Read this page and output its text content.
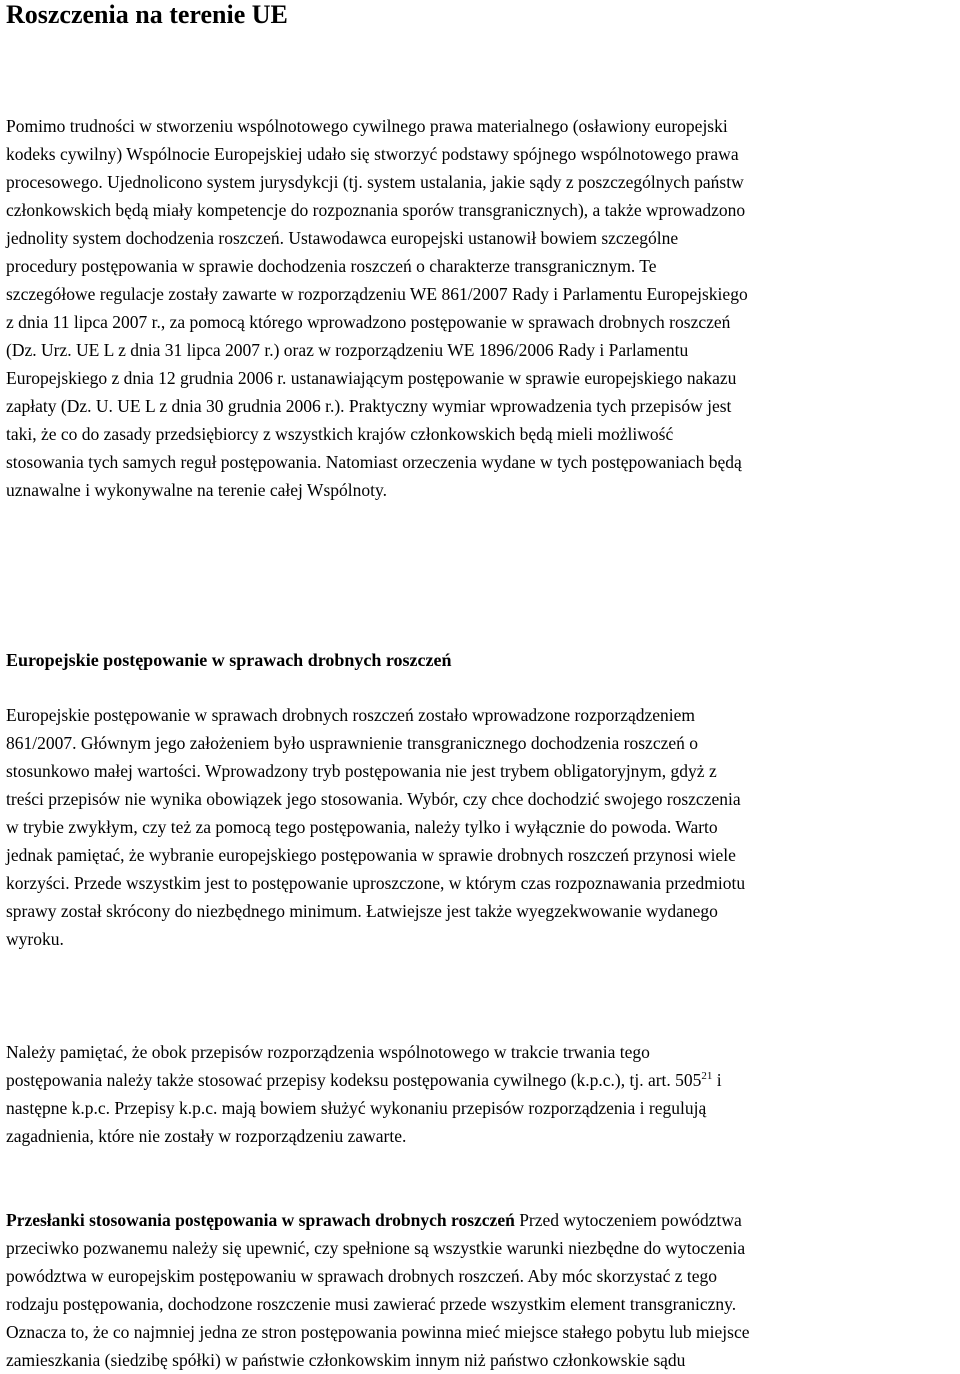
Roszczenia na terenie UE
Pomimo trudności w stworzeniu wspólnotowego cywilnego prawa materialnego (osławiony europejski
kodeks cywilny) Wspólnocie Europejskiej udało się stworzyć podstawy spójnego wspólnotowego prawa
procesowego. Ujednolicono system jurysdykcji (tj. system ustalania, jakie sądy z poszczególnych państw
członkowskich będą miały kompetencje do rozpoznania sporów transgranicznych), a także wprowadzono
jednolity system dochodzenia roszczeń. Ustawodawca europejski ustanowił bowiem szczególne
procedury postępowania w sprawie dochodzenia roszczeń o charakterze transgranicznym. Te
szczegółowe regulacje zostały zawarte w rozporządzeniu WE 861/2007 Rady i Parlamentu Europejskiego
z dnia 11 lipca 2007 r., za pomocą którego wprowadzono postępowanie w sprawach drobnych roszczeń
(Dz. Urz. UE L z dnia 31 lipca 2007 r.) oraz w rozporządzeniu WE 1896/2006 Rady i Parlamentu
Europejskiego z dnia 12 grudnia 2006 r. ustanawiającym postępowanie w sprawie europejskiego nakazu
zapłaty (Dz. U. UE L z dnia 30 grudnia 2006 r.). Praktyczny wymiar wprowadzenia tych przepisów jest
taki, że co do zasady przedsiębiorcy z wszystkich krajów członkowskich będą mieli możliwość
stosowania tych samych reguł postępowania. Natomiast orzeczenia wydane w tych postępowaniach będą
uznawalne i wykonywalne na terenie całej Wspólnoty.
Europejskie postępowanie w sprawach drobnych roszczeń
Europejskie postępowanie w sprawach drobnych roszczeń zostało wprowadzone rozporządzeniem
861/2007. Głównym jego założeniem było usprawnienie transgranicznego dochodzenia roszczeń o
stosunkowo małej wartości. Wprowadzony tryb postępowania nie jest trybem obligatoryjnym, gdyż z
treści przepisów nie wynika obowiązek jego stosowania. Wybór, czy chce dochodzić swojego roszczenia
w trybie zwykłym, czy też za pomocą tego postępowania, należy tylko i wyłącznie do powoda. Warto
jednak pamiętać, że wybranie europejskiego postępowania w sprawie drobnych roszczeń przynosi wiele
korzyści. Przede wszystkim jest to postępowanie uproszczone, w którym czas rozpoznawania przedmiotu
sprawy został skrócony do niezbędnego minimum. Łatwiejsze jest także wyegzekwowanie wydanego
wyroku.
Należy pamiętać, że obok przepisów rozporządzenia wspólnotowego w trakcie trwania tego
postępowania należy także stosować przepisy kodeksu postępowania cywilnego (k.p.c.), tj. art. $505^{21}$ i
następne k.p.c. Przepisy k.p.c. mają bowiem służyć wykonaniu przepisów rozporządzenia i regulują
zagadnienia, które nie zostały w rozporządzeniu zawarte.
Przesłanki stosowania postępowania w sprawach drobnych roszczeń Przed wytoczeniem powództwa
przeciwko pozwanemu należy się upewnić, czy spełnione są wszystkie warunki niezbędne do wytoczenia
powództwa w europejskim postępowaniu w sprawach drobnych roszczeń. Aby móc skorzystać z tego
rodzaju postępowania, dochodzone roszczenie musi zawierać przede wszystkim element transgraniczny.
Oznacza to, że co najmniej jedna ze stron postępowania powinna mieć miejsce stałego pobytu lub miejsce
zamieszkania (siedzibę spółki) w państwie członkowskim innym niż państwo członkowskie sądu
